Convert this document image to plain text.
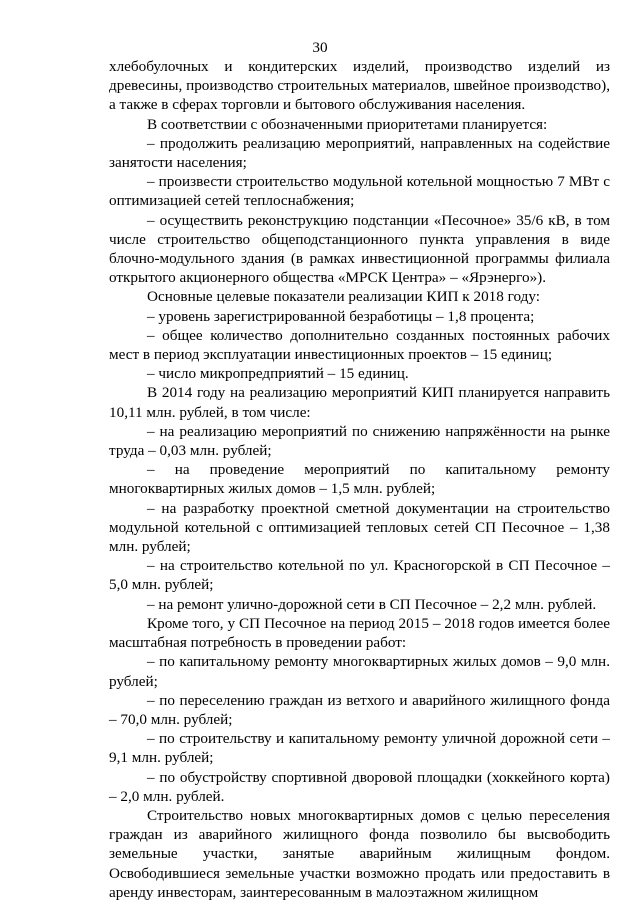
30

хлебобулочных и кондитерских изделий, производство изделий из древесины, производство строительных материалов, швейное производство), а также в сферах торговли и бытового обслуживания населения.

В соответствии с обозначенными приоритетами планируется:

– продолжить реализацию мероприятий, направленных на содействие занятости населения;

– произвести строительство модульной котельной мощностью 7 МВт с оптимизацией сетей теплоснабжения;

– осуществить реконструкцию подстанции «Песочное» 35/6 кВ, в том числе строительство общеподстанционного пункта управления в виде блочно-модульного здания (в рамках инвестиционной программы филиала открытого акционерного общества «МРСК Центра» – «Ярэнерго»).

Основные целевые показатели реализации КИП к 2018 году:

– уровень зарегистрированной безработицы – 1,8 процента;

– общее количество дополнительно созданных постоянных рабочих мест в период эксплуатации инвестиционных проектов – 15 единиц;

– число микропредприятий – 15 единиц.

В 2014 году на реализацию мероприятий КИП планируется направить 10,11 млн. рублей, в том числе:

– на реализацию мероприятий по снижению напряжённости на рынке труда – 0,03 млн. рублей;

– на проведение мероприятий по капитальному ремонту многоквартирных жилых домов – 1,5 млн. рублей;

– на разработку проектной сметной документации на строительство модульной котельной с оптимизацией тепловых сетей СП Песочное – 1,38 млн. рублей;

– на строительство котельной по ул. Красногорской в СП Песочное – 5,0 млн. рублей;

– на ремонт улично-дорожной сети в СП Песочное – 2,2 млн. рублей.

Кроме того, у СП Песочное на период 2015 – 2018 годов имеется более масштабная потребность в проведении работ:

– по капитальному ремонту многоквартирных жилых домов – 9,0 млн. рублей;

– по переселению граждан из ветхого и аварийного жилищного фонда – 70,0 млн. рублей;

– по строительству и капитальному ремонту уличной дорожной сети – 9,1 млн. рублей;

– по обустройству спортивной дворовой площадки (хоккейного корта) – 2,0 млн. рублей.

Строительство новых многоквартирных домов с целью переселения граждан из аварийного жилищного фонда позволило бы высвободить земельные участки, занятые аварийным жилищным фондом. Освободившиеся земельные участки возможно продать или предоставить в аренду инвесторам, заинтересованным в малоэтажном жилищном
